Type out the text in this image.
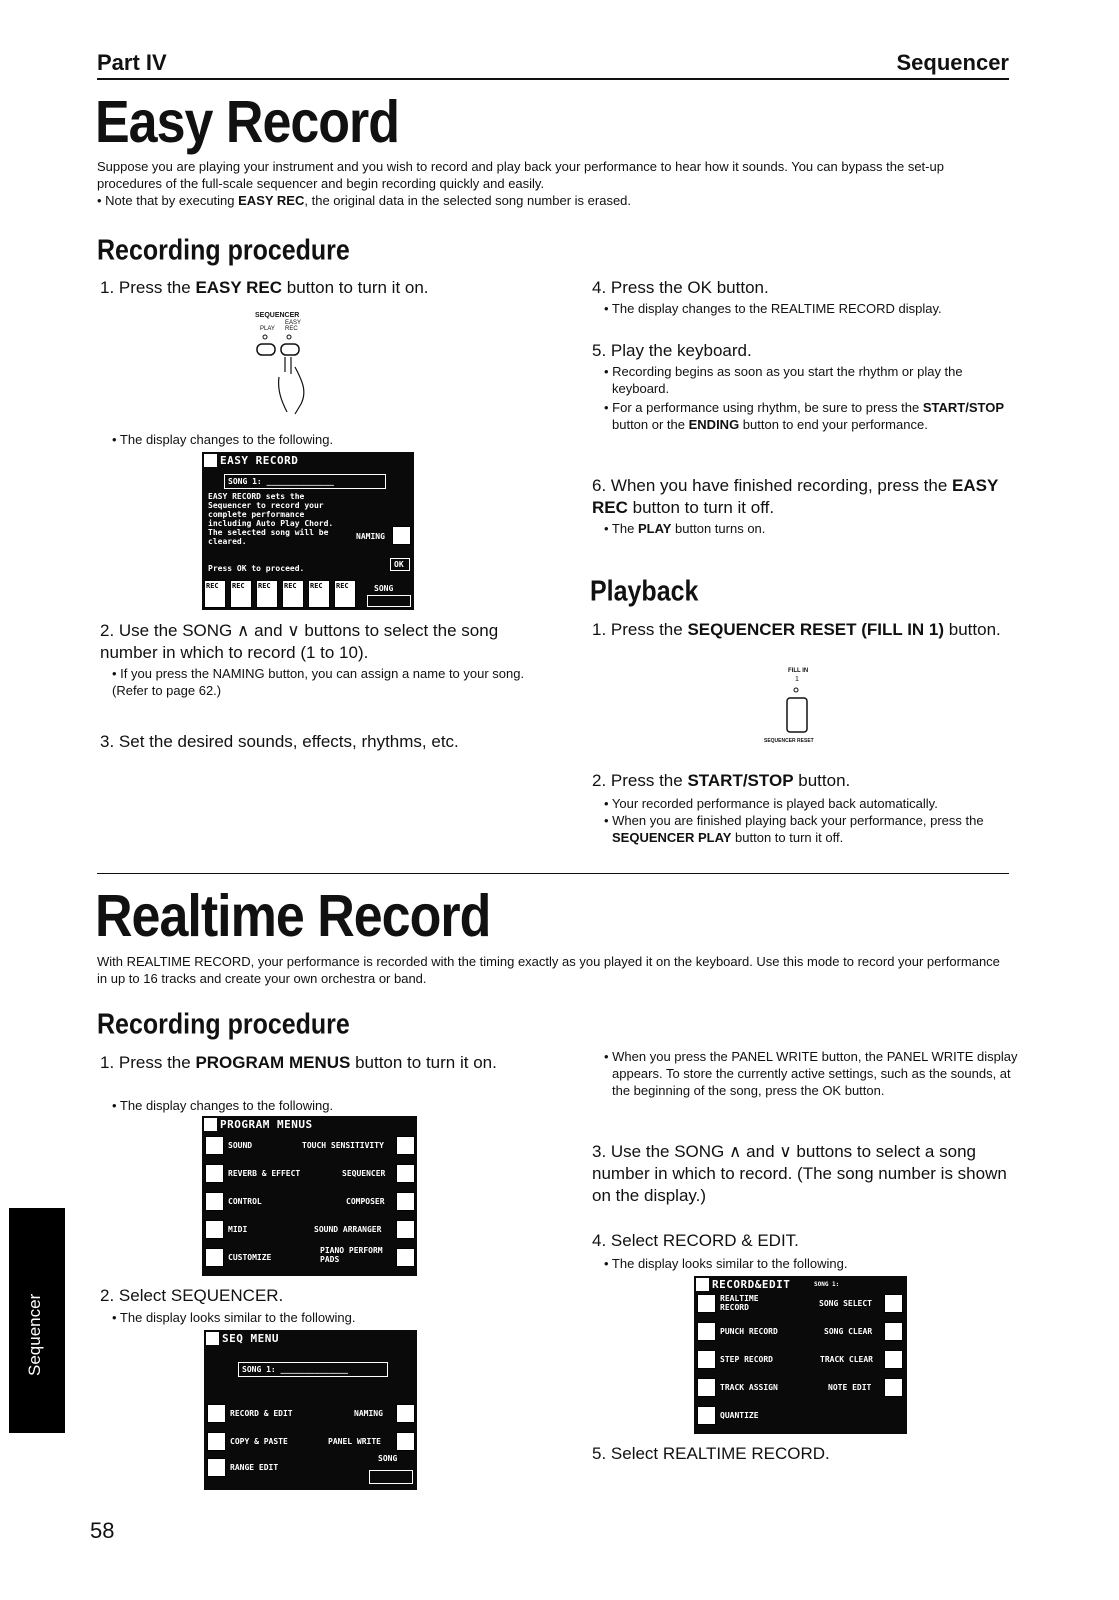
Part IV	Sequencer
Easy Record
Suppose you are playing your instrument and you wish to record and play back your performance to hear how it sounds. You can bypass the set-up procedures of the full-scale sequencer and begin recording quickly and easily.
• Note that by executing EASY REC, the original data in the selected song number is erased.
Recording procedure
1. Press the EASY REC button to turn it on.
SEQUENCER
EASY
PLAY REC
• The display changes to the following.
EASY RECORD
SONG 1: ______________
EASY RECORD sets the
Sequencer to record your
complete performance
including Auto Play Chord.
The selected song will be
cleared.
NAMING
Press OK to proceed.	OK
REC REC REC REC REC REC	SONG
2. Use the SONG ∧ and ∨ buttons to select the song number in which to record (1 to 10).
• If you press the NAMING button, you can assign a name to your song. (Refer to page 62.)
3. Set the desired sounds, effects, rhythms, etc.
4. Press the OK button.
• The display changes to the REALTIME RECORD display.
5. Play the keyboard.
• Recording begins as soon as you start the rhythm or play the keyboard.
• For a performance using rhythm, be sure to press the START/STOP button or the ENDING button to end your performance.
6. When you have finished recording, press the EASY REC button to turn it off.
• The PLAY button turns on.
Playback
1. Press the SEQUENCER RESET (FILL IN 1) button.
FILL IN
1
SEQUENCER RESET
2. Press the START/STOP button.
• Your recorded performance is played back automatically.
• When you are finished playing back your performance, press the SEQUENCER PLAY button to turn it off.
Realtime Record
With REALTIME RECORD, your performance is recorded with the timing exactly as you played it on the keyboard. Use this mode to record your performance in up to 16 tracks and create your own orchestra or band.
Recording procedure
1. Press the PROGRAM MENUS button to turn it on.
• The display changes to the following.
PROGRAM MENUS
SOUND	TOUCH SENSITIVITY
REVERB & EFFECT	SEQUENCER
CONTROL	COMPOSER
MIDI	SOUND ARRANGER
CUSTOMIZE
PIANO PERFORM PADS
2. Select SEQUENCER.
• The display looks similar to the following.
SEQ MENU
SONG 1: ______________
RECORD & EDIT	NAMING
COPY & PASTE	PANEL WRITE
RANGE EDIT
SONG
• When you press the PANEL WRITE button, the PANEL WRITE display appears. To store the currently active settings, such as the sounds, at the beginning of the song, press the OK button.
3. Use the SONG ∧ and ∨ buttons to select a song number in which to record. (The song number is shown on the display.)
4. Select RECORD & EDIT.
• The display looks similar to the following.
RECORD&EDIT	SONG 1:
REALTIME RECORD	SONG SELECT
PUNCH RECORD	SONG CLEAR
STEP RECORD	TRACK CLEAR
TRACK ASSIGN	NOTE EDIT
QUANTIZE
5. Select REALTIME RECORD.
Sequencer
58
